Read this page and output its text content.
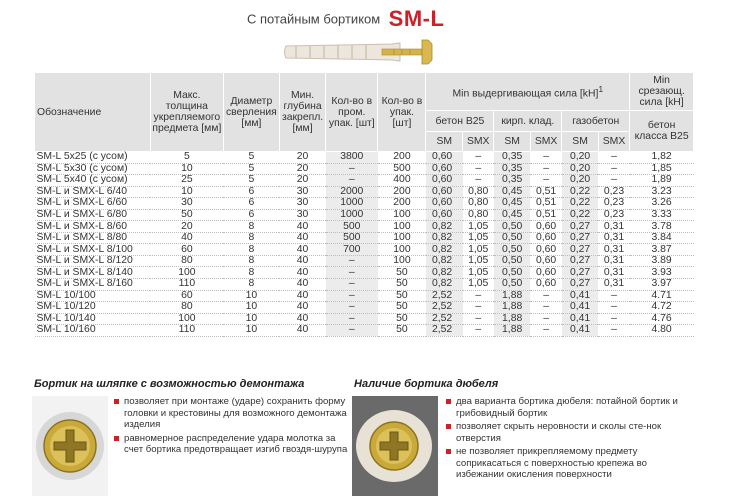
С потайным бортиком SM-L
Обозначение	Макс. толщина укрепляемого предмета [мм]	Диаметр сверления [мм]	Мин. глубина закрепл. [мм]	Кол-во в пром. упак. [шт]	Кол-во в упак. [шт]	Min выдергивающая сила [kH]$^1$						Min срезающ. сила [kH]
						бетон B25		кирп. клад.		газобетон		бетон класса B25
						SM	SMX	SM	SMX	SM	SMX	
SM-L 5x25 (с усом)	5	5	20	3800	200	0,60	–	0,35	–	0,20	–	1,82
SM-L 5x30 (с усом)	10	5	20	–	500	0,60	–	0,35	–	0,20	–	1,85
SM-L 5x40 (с усом)	25	5	20	–	400	0,60	–	0,35	–	0,20	–	1,89
SM-L и SMX-L 6/40	10	6	30	2000	200	0,60	0,80	0,45	0,51	0,22	0,23	3.23
SM-L и SMX-L 6/60	30	6	30	1000	200	0,60	0,80	0,45	0,51	0,22	0,23	3.26
SM-L и SMX-L 6/80	50	6	30	1000	100	0,60	0,80	0,45	0,51	0,22	0,23	3.33
SM-L и SMX-L 8/60	20	8	40	500	100	0,82	1,05	0,50	0,60	0,27	0,31	3.78
SM-L и SMX-L 8/80	40	8	40	500	100	0,82	1,05	0,50	0,60	0,27	0,31	3.84
SM-L и SMX-L 8/100	60	8	40	700	100	0,82	1,05	0,50	0,60	0,27	0,31	3.87
SM-L и SMX-L 8/120	80	8	40	–	100	0,82	1,05	0,50	0,60	0,27	0,31	3.89
SM-L и SMX-L 8/140	100	8	40	–	50	0,82	1,05	0,50	0,60	0,27	0,31	3.93
SM-L и SMX-L 8/160	110	8	40	–	50	0,82	1,05	0,50	0,60	0,27	0,31	3.97
SM-L 10/100	60	10	40	–	50	2,52	–	1,88	–	0,41	–	4.71
SM-L 10/120	80	10	40	–	50	2,52	–	1,88	–	0,41	–	4.72
SM-L 10/140	100	10	40	–	50	2,52	–	1,88	–	0,41	–	4.76
SM-L 10/160	110	10	40	–	50	2,52	–	1,88	–	0,41	–	4.80
Бортик на шляпке с возможностью демонтажа
позволяет при монтаже (ударе) сохранить форму головки и крестовины для возможного демонтажа изделия
равномерное распределение удара молотка за счет бортика предотвращает изгиб гвоздя-шурупа
Наличие бортика дюбеля
два варианта бортика дюбеля: потайной бортик и грибовидный бортик
позволяет скрыть неровности и сколы сте-нок отверстия
не позволяет прикрепляемому предмету соприкасаться с поверхностью крепежа во избежании окисления поверхности
